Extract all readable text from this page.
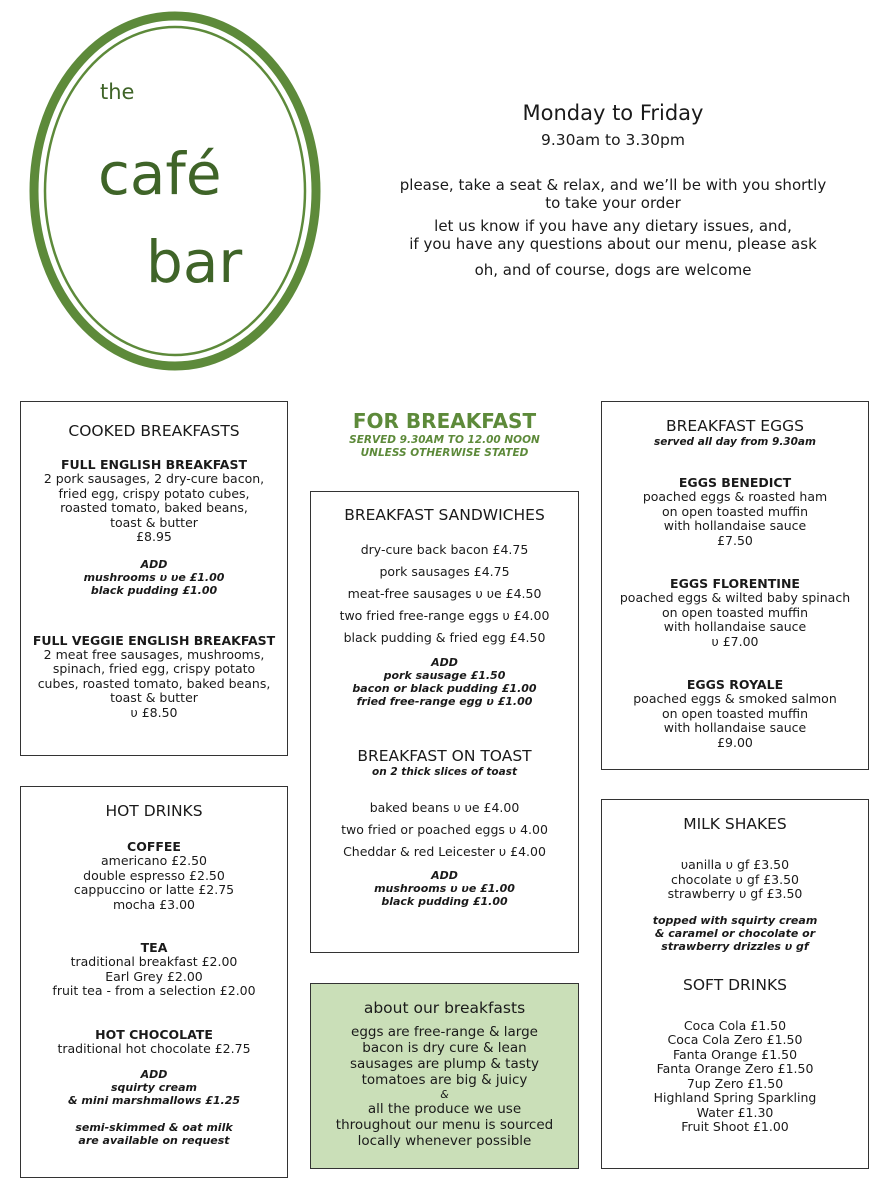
the
café
bar
Monday to Friday
9.30am to 3.30pm

please, take a seat & relax, and we’ll be with you shortly
to take your order

let us know if you have any dietary issues, and,
if you have any questions about our menu, please ask

oh, and of course, dogs are welcome

FOR BREAKFAST
SERVED 9.30AM TO 12.00 NOON
UNLESS OTHERWISE STATED
COOKED BREAKFASTS
FULL ENGLISH BREAKFAST
2 pork sausages, 2 dry-cure bacon,
fried egg, crispy potato cubes,
roasted tomato, baked beans,
toast & butter
£8.95
ADD
mushrooms υ υe £1.00
black pudding £1.00
FULL VEGGIE ENGLISH BREAKFAST
2 meat free sausages, mushrooms,
spinach, fried egg, crispy potato
cubes, roasted tomato, baked beans,
toast & butter
υ £8.50
HOT DRINKS
COFFEE
americano £2.50
double espresso £2.50
cappuccino or latte £2.75
mocha £3.00
TEA
traditional breakfast £2.00
Earl Grey £2.00
fruit tea - from a selection £2.00
HOT CHOCOLATE
traditional hot chocolate £2.75
ADD
squirty cream
& mini marshmallows £1.25
semi-skimmed & oat milk
are available on request
BREAKFAST SANDWICHES
dry-cure back bacon £4.75
pork sausages £4.75
meat-free sausages υ υe £4.50
two fried free-range eggs υ £4.00
black pudding & fried egg £4.50
ADD
pork sausage £1.50
bacon or black pudding £1.00
fried free-range egg υ £1.00
BREAKFAST ON TOAST
on 2 thick slices of toast
baked beans υ υe £4.00
two fried or poached eggs υ 4.00
Cheddar & red Leicester υ £4.00
ADD
mushrooms υ υe £1.00
black pudding £1.00
about our breakfasts
eggs are free-range & large
bacon is dry cure & lean
sausages are plump & tasty
tomatoes are big & juicy
&
all the produce we use
throughout our menu is sourced
locally whenever possible
BREAKFAST EGGS
served all day from 9.30am
EGGS BENEDICT
poached eggs & roasted ham
on open toasted muffin
with hollandaise sauce
£7.50
EGGS FLORENTINE
poached eggs & wilted baby spinach
on open toasted muffin
with hollandaise sauce
υ £7.00
EGGS ROYALE
poached eggs & smoked salmon
on open toasted muffin
with hollandaise sauce
£9.00
MILK SHAKES
υanilla υ gf £3.50
chocolate υ gf £3.50
strawberry υ gf £3.50
topped with squirty cream
& caramel or chocolate or
strawberry drizzles υ gf
SOFT DRINKS
Coca Cola £1.50
Coca Cola Zero £1.50
Fanta Orange £1.50
Fanta Orange Zero £1.50
7up Zero £1.50
Highland Spring Sparkling
Water £1.30
Fruit Shoot £1.00
